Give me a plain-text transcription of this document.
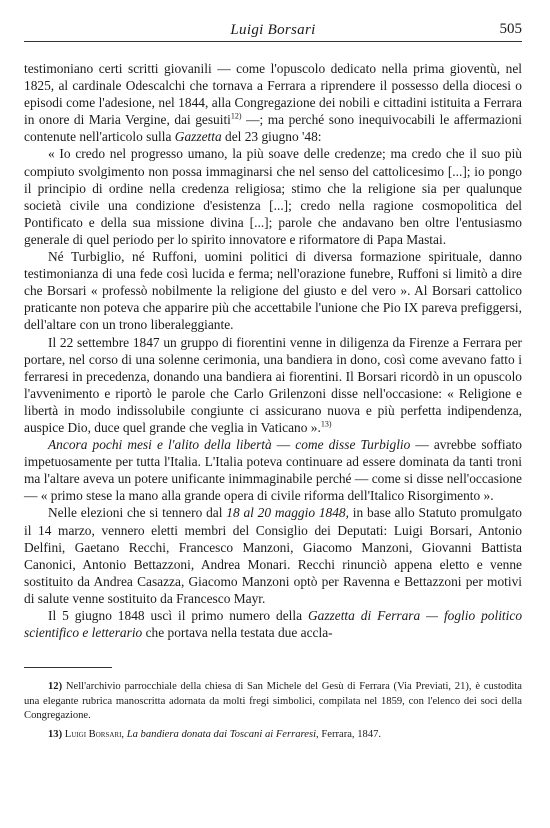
Luigi Borsari	505

testimoniano certi scritti giovanili — come l'opuscolo dedicato nella prima gioventù, nel 1825, al cardinale Odescalchi che tornava a Ferrara a riprendere il possesso della diocesi o episodi come l'adesione, nel 1844, alla Congregazione dei nobili e cittadini istituita a Ferrara in onore di Maria Vergine, dai gesuiti$^{12)}$ —; ma perché sono inequivocabili le affermazioni contenute nell'articolo sulla Gazzetta del 23 giugno '48:

« Io credo nel progresso umano, la più soave delle credenze; ma credo che il suo più compiuto svolgimento non possa immaginarsi che nel senso del cattolicesimo [...]; io pongo il principio di ordine nella credenza religiosa; stimo che la religione sia per qualunque società civile una condizione d'esistenza [...]; credo nella ragione cosmopolitica del Pontificato e della sua missione divina [...]; parole che andavano ben oltre l'entusiasmo generale di quel periodo per lo spirito innovatore e riformatore di Papa Mastai.

Né Turbiglio, né Ruffoni, uomini politici di diversa formazione spirituale, danno testimonianza di una fede così lucida e ferma; nell'orazione funebre, Ruffoni si limitò a dire che Borsari « professò nobilmente la religione del giusto e del vero ». Al Borsari cattolico praticante non poteva che apparire più che accettabile l'unione che Pio IX pareva prefiggersi, dell'altare con un trono liberaleggiante.

Il 22 settembre 1847 un gruppo di fiorentini venne in diligenza da Firenze a Ferrara per portare, nel corso di una solenne cerimonia, una bandiera in dono, così come avevano fatto i ferraresi in precedenza, donando una bandiera ai fiorentini. Il Borsari ricordò in un opuscolo l'avvenimento e riportò le parole che Carlo Grilenzoni disse nell'occasione: « Religione e libertà in modo indissolubile congiunte ci assicurano nuova e più perfetta indipendenza, auspice Dio, duce quel grande che veglia in Vaticano ».$^{13)}$

Ancora pochi mesi e l'alito della libertà — come disse Turbiglio — avrebbe soffiato impetuosamente per tutta l'Italia. L'Italia poteva continuare ad essere dominata da tanti troni ma l'altare aveva un potere unificante inimmaginabile perché — come si disse nell'occasione — « primo stese la mano alla grande opera di civile riforma dell'Italico Risorgimento ».

Nelle elezioni che si tennero dal 18 al 20 maggio 1848, in base allo Statuto promulgato il 14 marzo, vennero eletti membri del Consiglio dei Deputati: Luigi Borsari, Antonio Delfini, Gaetano Recchi, Francesco Manzoni, Giacomo Manzoni, Giovanni Battista Canonici, Antonio Bettazzoni, Andrea Monari. Recchi rinunciò appena eletto e venne sostituito da Andrea Casazza, Giacomo Manzoni optò per Ravenna e Bettazzoni per motivi di salute venne sostituito da Francesco Mayr.

Il 5 giugno 1848 uscì il primo numero della Gazzetta di Ferrara — foglio politico scientifico e letterario che portava nella testata due accla-

12) Nell'archivio parrocchiale della chiesa di San Michele del Gesù di Ferrara (Via Previati, 21), è custodita una elegante rubrica manoscritta adornata da molti fregi simbolici, compilata nel 1859, con l'elenco dei soci della Congregazione.

13) Luigi Borsari, La bandiera donata dai Toscani ai Ferraresi, Ferrara, 1847.
